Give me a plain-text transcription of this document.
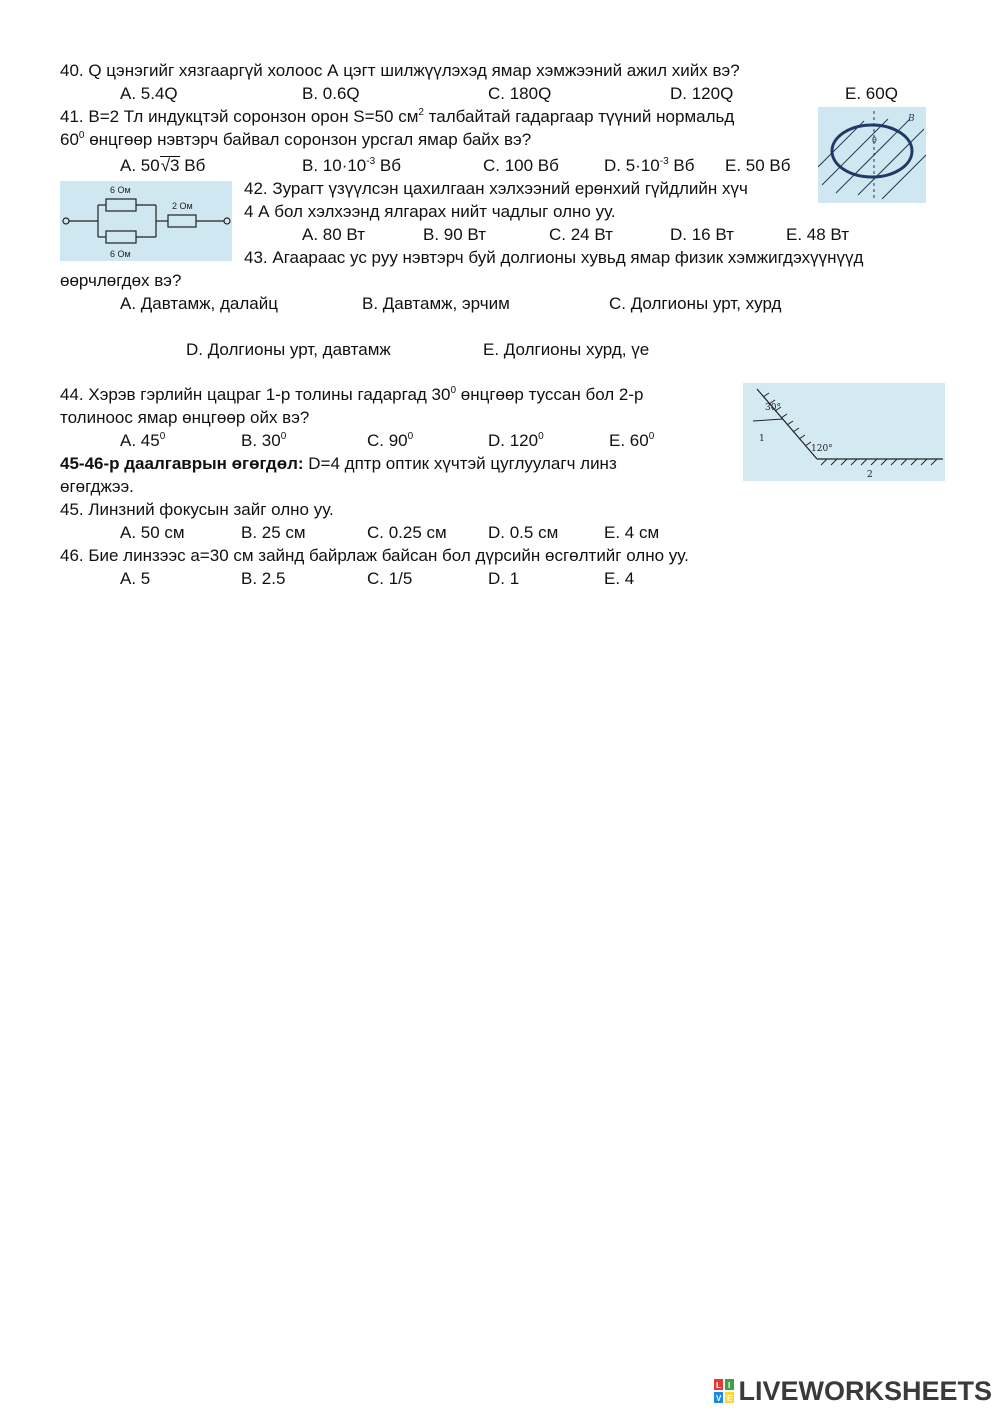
40. Q цэнэгийг хязгааргүй холоос А цэгт шилжүүлэхэд ямар хэмжээний ажил хийх вэ?
A. 5.4Q	B. 0.6Q	C. 180Q	D. 120Q	E. 60Q
41. B=2 Тл индукцтэй соронзон орон S=50 $см^2$ талбайтай гадаргаар түүний нормальд
$60^0$ өнцгөөр нэвтэрч байвал соронзон урсгал ямар байх вэ?
A. 50√3 Вб	B. $10\cdot 10^{-3}$ Вб	C. 100 Вб	D. $5\cdot 10^{-3}$ Вб E. 50 Вб
B
θ
6 Ом
2 Ом
6 Ом
42. Зурагт үзүүлсэн цахилгаан хэлхээний ерөнхий гүйдлийн хүч
4 А бол хэлхээнд ялгарах нийт чадлыг олно уу.
A. 80 Вт	B. 90 Вт	C. 24 Вт	D. 16 Вт	E. 48 Вт
43. Агаараас ус руу нэвтэрч буй долгионы хувьд ямар физик хэмжигдэхүүнүүд
өөрчлөгдөх вэ?
A. Давтамж, далайц	B. Давтамж, эрчим	C. Долгионы урт, хурд
D. Долгионы урт, давтамж	E. Долгионы хурд, үе
44. Хэрэв гэрлийн цацраг 1-р толины гадаргад $30^0$ өнцгөөр туссан бол 2-р
толиноос ямар өнцгөөр ойх вэ?
A. $45^0$	B. $30^0$	C. $90^0$	D. $120^0$	E. $60^0$
30°
120°
1
2
45-46-р даалгаврын өгөгдөл: D=4 дптр оптик хүчтэй цуглуулагч линз
өгөгджээ.
45. Линзний фокусын зайг олно уу.
A. 50 см	B. 25 см	C. 0.25 см D. 0.5 см	E. 4 см
46. Бие линзээс a=30 см зайнд байрлаж байсан бол дүрсийн өсгөлтийг олно уу.
A. 5	B. 2.5	C. 1/5	D. 1	E. 4
L I
V E LIVEWORKSHEETS
